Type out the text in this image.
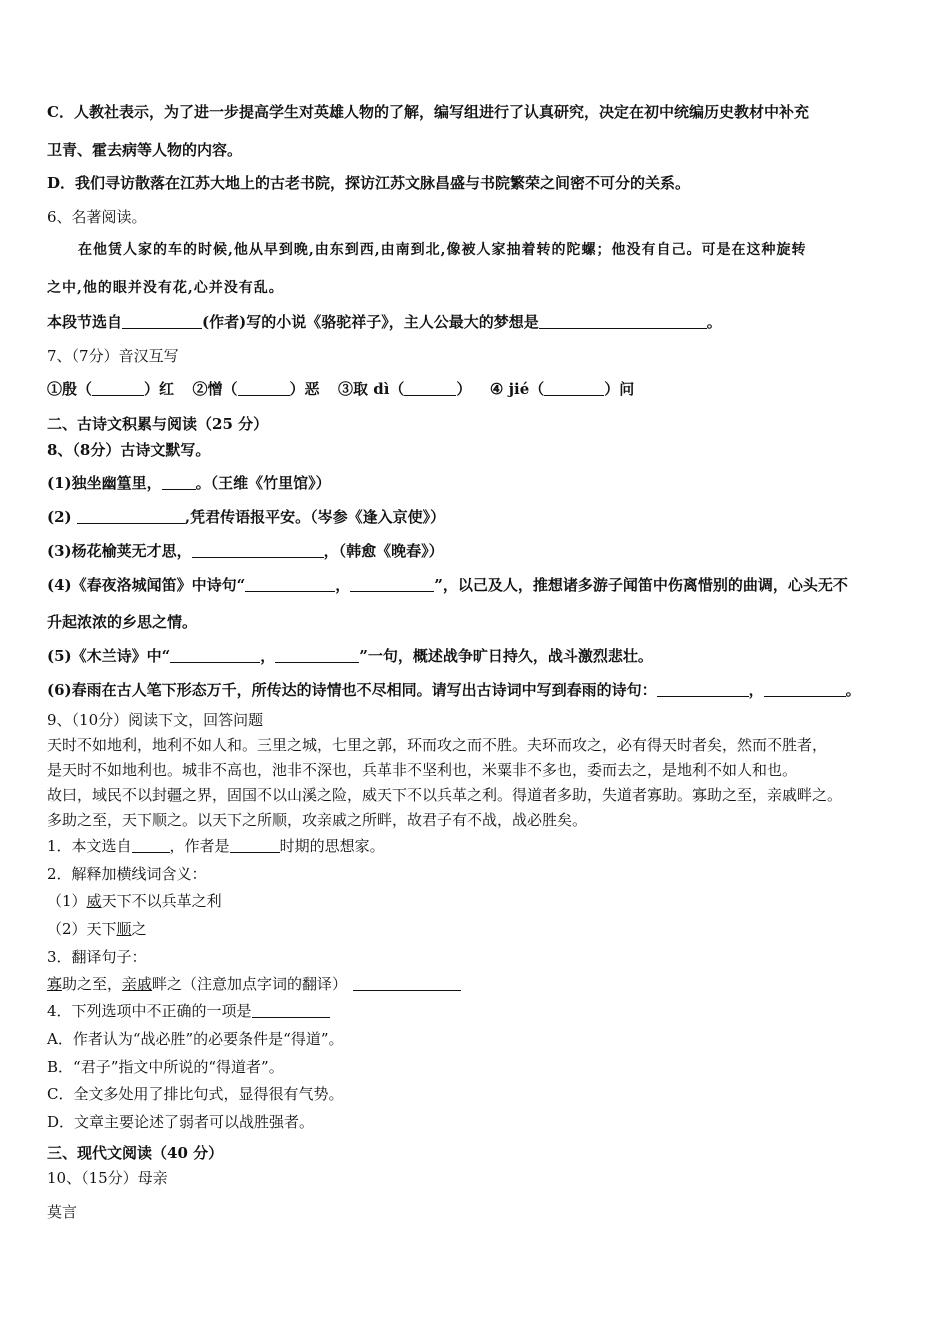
C．人教社表示，为了进一步提高学生对英雄人物的了解，编写组进行了认真研究，决定在初中统编历史教材中补充
卫青、霍去病等人物的内容。
D．我们寻访散落在江苏大地上的古老书院，探访江苏文脉昌盛与书院繁荣之间密不可分的关系。
6、名著阅读。
在他赁人家的车的时候,他从早到晚,由东到西,由南到北,像被人家抽着转的陀螺；他没有自己。可是在这种旋转
之中,他的眼并没有花,心并没有乱。
本段节选自	(作者)写的小说《骆驼祥子》，主人公最大的梦想是	。
7、（7分）音汉互写
①殷（	）红 ②憎（	）恶 ③取 dì（	） ④ jié（	）问
二、古诗文积累与阅读（25 分）
8、（8分）古诗文默写。
(1)独坐幽篁里， 。（王维《竹里馆》）
(2)	,凭君传语报平安。（岑参《逢入京使》）
(3)杨花榆荚无才思，	，（韩愈《晚春》）
(4)《春夜洛城闻笛》中诗句“	，	”，以己及人，推想诸多游子闻笛中伤离惜别的曲调，心头无不
升起浓浓的乡思之情。
(5)《木兰诗》中“	，	”一句，概述战争旷日持久，战斗激烈悲壮。
(6)春雨在古人笔下形态万千，所传达的诗情也不尽相同。请写出古诗词中写到春雨的诗句：	，	。
9、（10分）阅读下文，回答问题
天时不如地利，地利不如人和。三里之城，七里之郭，环而攻之而不胜。夫环而攻之，必有得天时者矣，然而不胜者，
是天时不如地利也。城非不高也，池非不深也，兵革非不坚利也，米粟非不多也，委而去之，是地利不如人和也。
故曰，域民不以封疆之界，固国不以山溪之险，威天下不以兵革之利。得道者多助，失道者寡助。寡助之至，亲戚畔之。
多助之至，天下顺之。以天下之所顺，攻亲戚之所畔，故君子有不战，战必胜矣。
1．本文选自	，作者是	时期的思想家。
2．解释加横线词含义：
（1）威天下不以兵革之利
（2）天下顺之
3．翻译句子：
寡助之至，亲戚畔之（注意加点字词的翻译）
4．下列选项中不正确的一项是
A．作者认为“战必胜”的必要条件是“得道”。
B．“君子”指文中所说的“得道者”。
C．全文多处用了排比句式，显得很有气势。
D．文章主要论述了弱者可以战胜强者。
三、现代文阅读（40 分）
10、（15分）母亲
莫言
